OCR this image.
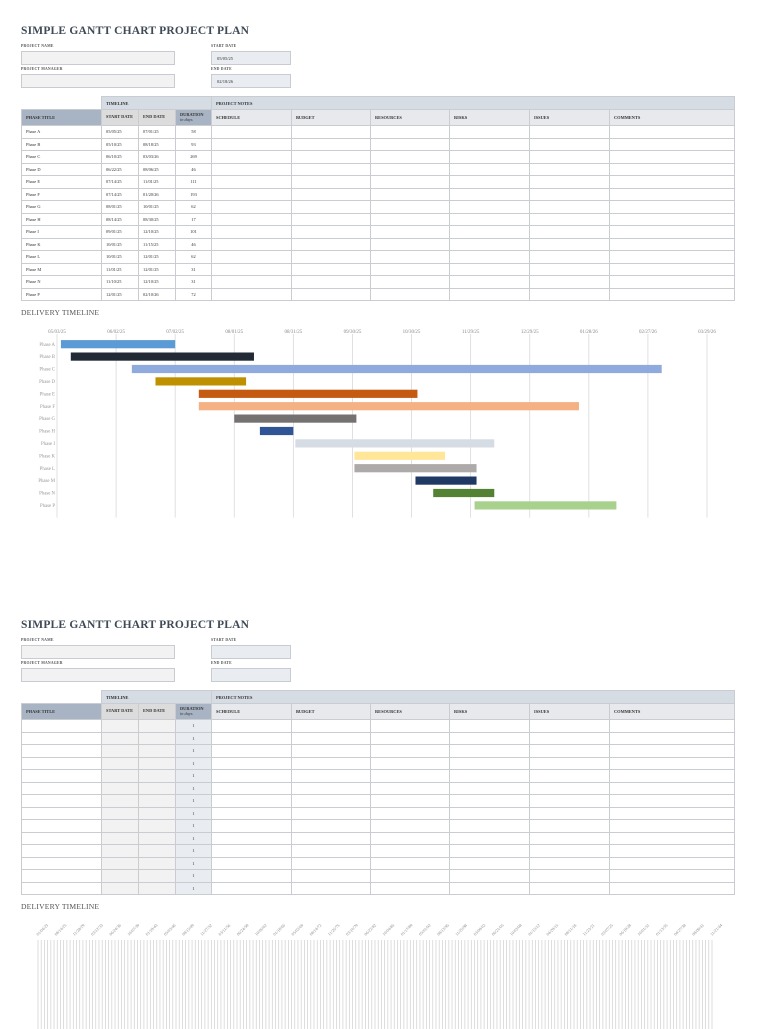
SIMPLE GANTT CHART PROJECT PLAN
PROJECT NAME
PROJECT MANAGER
START DATE
05/05/25
END DATE
02/18/26
	TIMELINE			PROJECT NOTES					
PHASE TITLE	START DATE	END DATE	DURATION
in days	SCHEDULE	BUDGET	RESOURCES	RISKS	ISSUES	COMMENTS
Phase A	05/05/25	07/01/25	58						
Phase B	05/10/25	08/18/25	93						
Phase C	06/10/25	03/03/26	269						
Phase D	06/22/25	08/06/25	46						
Phase E	07/14/25	11/01/25	111						
Phase F	07/14/25	01/20/26	193						
Phase G	08/01/25	10/01/25	62						
Phase H	08/14/25	08/30/25	17						
Phase I	09/01/25	12/10/25	101						
Phase K	10/01/25	11/15/25	46						
Phase L	10/01/25	12/01/25	62						
Phase M	11/01/25	12/01/25	31						
Phase N	11/10/25	12/10/25	31						
Phase P	12/01/25	02/10/26	72						
DELIVERY TIMELINE
05/03/25	06/02/25	07/02/25	08/01/25	08/31/25	09/30/25	10/30/25	11/29/25	12/29/25	01/28/26	02/27/26	03/29/26
Phase A
Phase B
Phase C
Phase D
Phase E
Phase F
Phase G
Phase H
Phase I
Phase K
Phase L
Phase M
Phase N
Phase P
SIMPLE GANTT CHART PROJECT PLAN
PROJECT NAME
PROJECT MANAGER
START DATE
END DATE
	TIMELINE			PROJECT NOTES					
PHASE TITLE	START DATE	END DATE	DURATION
in days	SCHEDULE	BUDGET	RESOURCES	RISKS	ISSUES	COMMENTS
			1						
			1						
			1						
			1						
			1						
			1						
			1						
			1						
			1						
			1						
			1						
			1						
			1						
			1						
DELIVERY TIMELINE
01/04/23 08/14/25 11/28/29 03/12/33 06/24/36 10/07/39 01/19/43 05/03/46 08/15/49 11/27/52 03/11/56 06/24/59 10/06/62 01/18/66 05/02/69 08/14/72 11/26/75 03/10/79 06/22/82 10/04/85 01/17/89 05/01/92 08/13/95 11/25/98 03/09/02 06/21/05 10/03/08 01/15/12 04/29/15 08/11/18 11/23/21 03/07/25 06/19/28 10/01/31 01/13/35 04/27/38 08/09/41 11/21/44
